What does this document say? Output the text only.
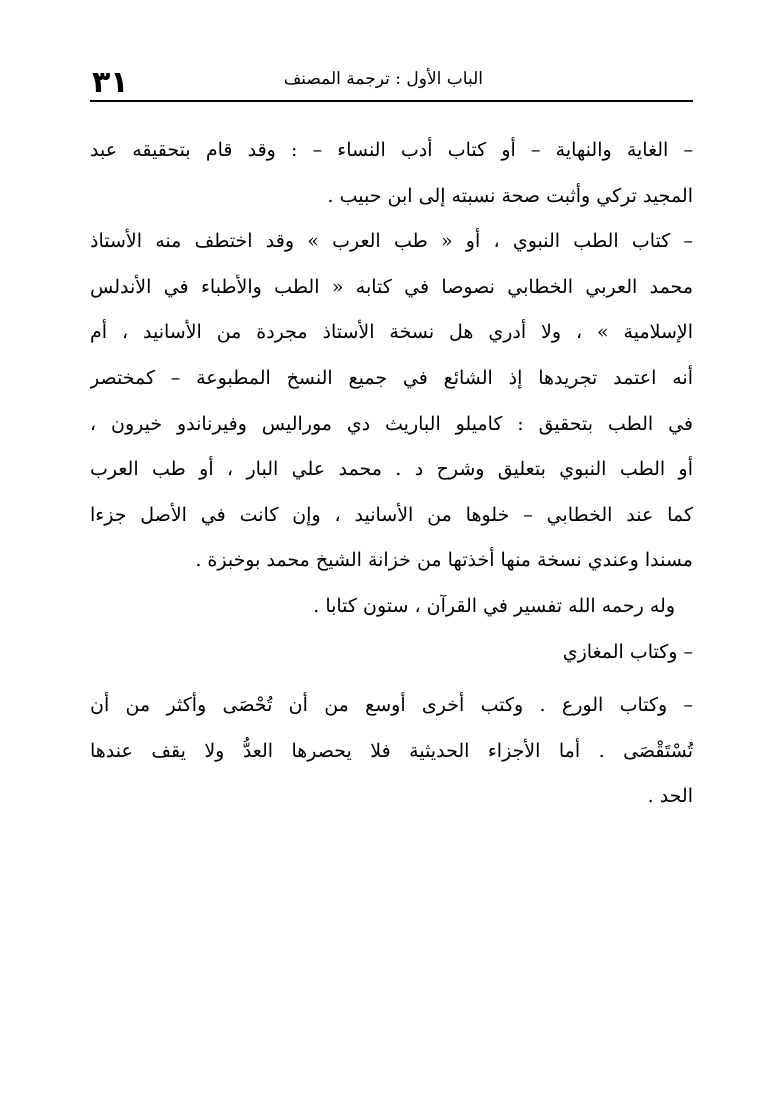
٣١	الباب الأول : ترجمة المصنف
– الغاية والنهاية – أو كتاب أدب النساء – : وقد قام بتحقيقه عبد
المجيد تركي وأثبت صحة نسبته إلى ابن حبيب .
– كتاب الطب النبوي ، أو « طب العرب » وقد اختطف منه الأستاذ
محمد العربي الخطابي نصوصا في كتابه « الطب والأطباء في الأندلس
الإسلامية » ، ولا أدري هل نسخة الأستاذ مجردة من الأسانيد ، أم
أنه اعتمد تجريدها إذ الشائع في جميع النسخ المطبوعة – كمختصر
في الطب بتحقيق : كاميلو الباريث دي موراليس وفيرناندو خيرون ،
أو الطب النبوي بتعليق وشرح د . محمد علي البار ، أو طب العرب
كما عند الخطابي – خلوها من الأسانيد ، وإن كانت في الأصل جزءا
مسندا وعندي نسخة منها أخذتها من خزانة الشيخ محمد بوخبزة .
وله رحمه الله تفسير في القرآن ، ستون كتابا .
– وكتاب المغازي
– وكتاب الورع . وكتب أخرى أوسع من أن تُحْصَى وأكثر من أن
تُسْتَقْصَى . أما الأجزاء الحديثية فلا يحصرها العدُّ ولا يقف عندها
الحد .
